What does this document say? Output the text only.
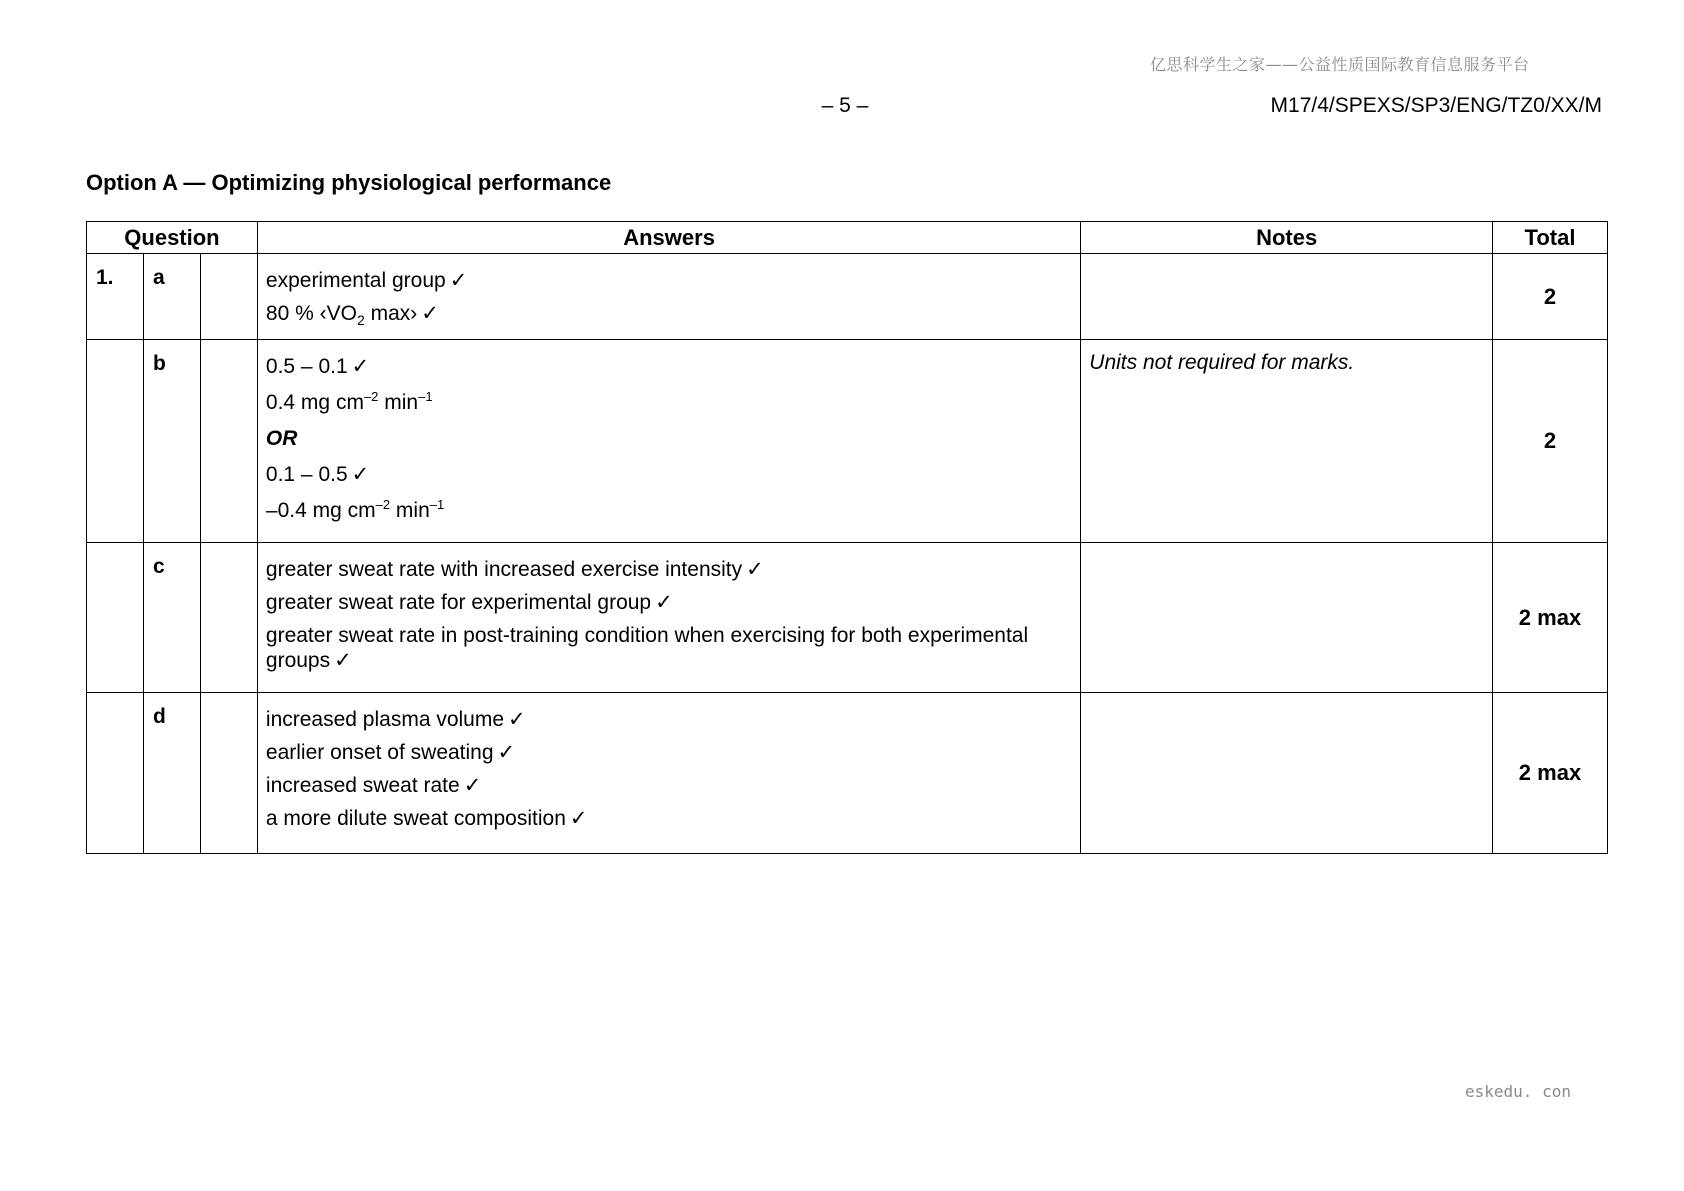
亿思科学生之家——公益性质国际教育信息服务平台
– 5 –	M17/4/SPEXS/SP3/ENG/TZ0/XX/M
Option A — Optimizing physiological performance
Question			Answers	Notes	Total
1.	a		experimental group ✓
80 % $‹VO_2$ max› ✓		2
	b		0.5 – 0.1 ✓
0.4 mg $cm^{-2}$ $\min^{-1}$
OR
0.1 – 0.5 ✓
–0.4 mg $cm^{-2}$ $\min^{-1}$	Units not required for marks.	2
	c		greater sweat rate with increased exercise intensity ✓
greater sweat rate for experimental group ✓
greater sweat rate in post-training condition when exercising for both experimental groups ✓		2 max
	d		increased plasma volume ✓
earlier onset of sweating ✓
increased sweat rate ✓
a more dilute sweat composition ✓		2 max
eskedu. con
